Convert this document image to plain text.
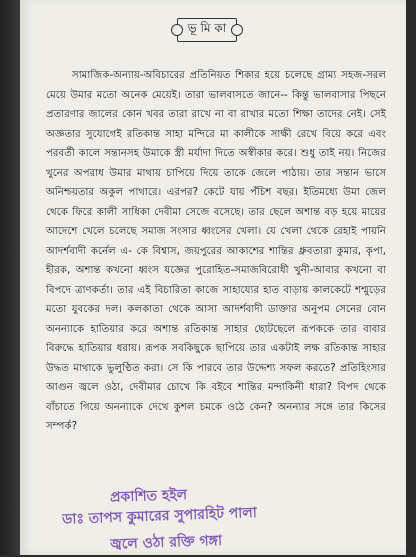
ভূ মি কা

সামাজিক-অন্যায়-অবিচারের প্রতিনিয়ত শিকার হয়ে চলেছে গ্রাম্য সহজ-সরল মেয়ে উমার মতো অনেক মেয়েই। তারা ভালবাসতে জানে-- কিন্তু ভালবাসার পিছনে প্রতারণার জালের কোন খবর তারা রাখে না বা রাখার মতো শিক্ষা তাদের নেই। সেই অজ্ঞতার সুযোগেই রতিকান্ত সাহা মন্দিরে মা কালীকে সাক্ষী রেখে বিয়ে করে এবং পরবর্তী কালে সন্তানসহ উমাকে স্ত্রী মর্যাদা দিতে অস্বীকার করে। শুধু তাই নয়। নিজের খুনের অপরাধ উমার মাথায় চাপিয়ে দিয়ে তাকে জেলে পাঠায়। তার সন্তান ভাসে অনিশ্চয়তার অকুল পাথারে। এরপর? কেটে যায় পঁচিশ বছর। ইতিমধ্যে উমা জেল থেকে ফিরে কালী সাধিকা দেবীমা সেজে বসেছে। তার ছেলে অশান্ত বড় হয়ে মায়ের আদেশে খেলে চলেছে সমাজ সংসার ধ্বংসের খেলা। যে খেলা থেকে রেহাই পায়নি আদর্শবাদী কর্নেল এ- কে বিশ্বাস, জয়পুরের আকাশের শান্তির ধ্রুবতারা কুমার, কৃপা, হীরক, অশান্ত কখনো ধ্বংস যজ্ঞের পুরোহিত-সমাজবিরোধী খুনী-আবার কখনো বা বিপদে ত্রাণকর্তা। তার এই বিচারিতা কাজে সাহায্যের হাত বাড়ায় কালকেটে শশ্মুড়ের মতো যুবকের দল। কলকাতা থেকে আসা আদর্শবাদী ডাক্তার অনুপম সেনের বোন অনন্যাকে হাতিয়ার করে অশান্ত রতিকান্ত সাহার ছোটছেলে রূপককে তার বাবার বিরুদ্ধে হাতিয়ার ধরায়। রূপক সবকিছুকে ছাপিয়ে তার একটাই লক্ষ রতিকান্ত সাহার উদ্ধত মাথাকে ভুলুণ্ঠিত করা। সে কি পারবে তার উদ্দেশ্য সফল করতে? প্রতিহিংসার আগুন জ্বলে ওঠা, দেবীমার চোখে কি বইবে শান্তির মন্দাকিনী ধারা? বিপদ থেকে বাঁচাতে গিয়ে অনন্যাকে দেখে কুশল চমকে ওঠে কেন? অনন্যার সঙ্গে তার কিসের সম্পর্ক?

প্রকাশিত হইল
ডাঃ তাপস কুমারের সুপারহিট পালা
জ্বলে ওঠা রক্তি গঙ্গা
